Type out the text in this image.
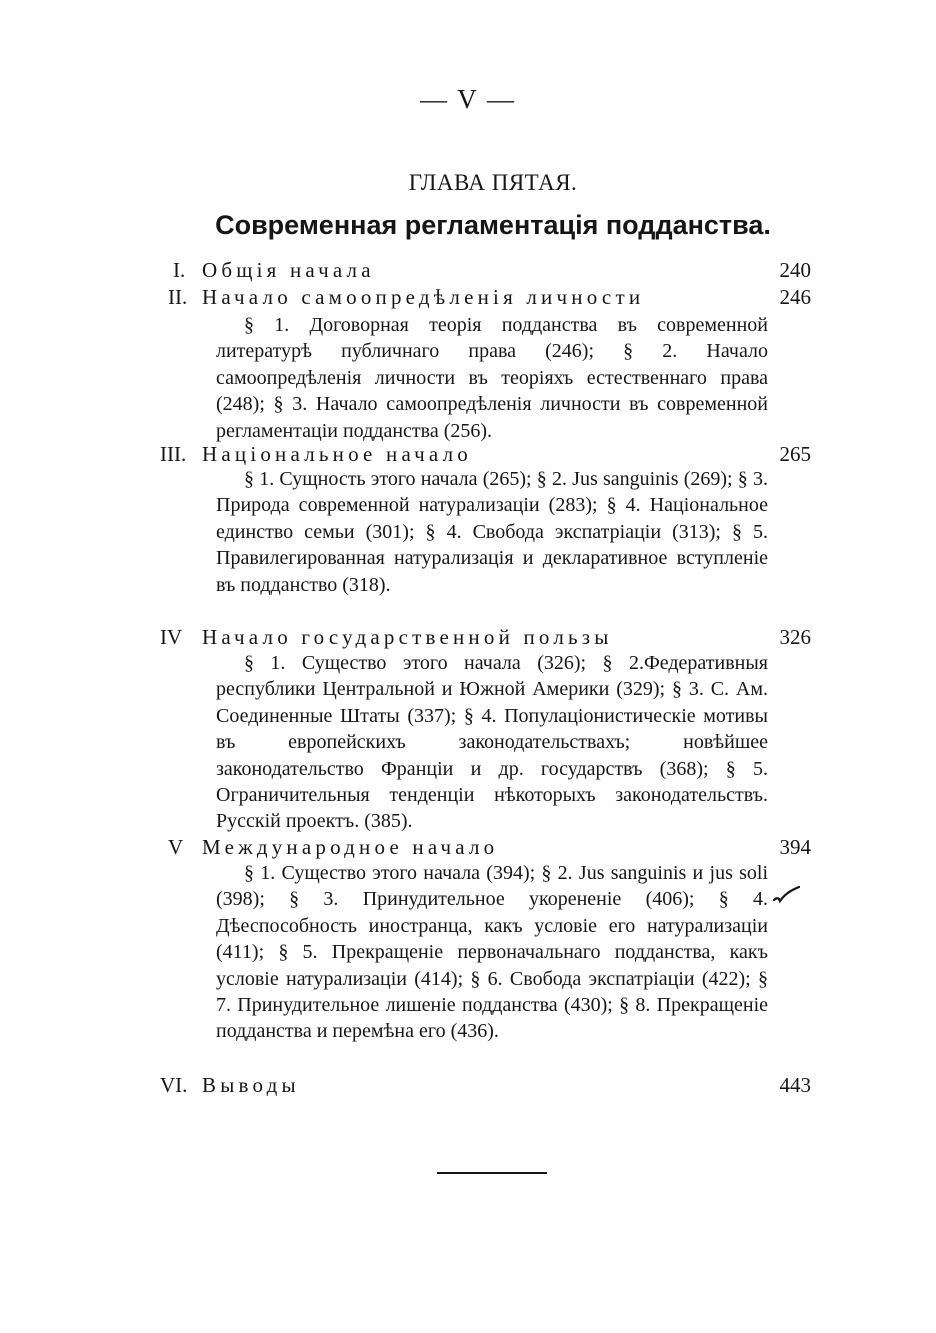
— V —
ГЛАВА ПЯТАЯ.
Современная регламентація подданства.
I. Общія начала	240
II. Начало самоопредѣленія личности	246
§ 1. Договорная теорія подданства въ современной литературѣ публичнаго права (246); § 2. Начало самоопредѣленія личности въ теоріяхъ естественнаго права (248); § 3. Начало самоопредѣленія личности въ современной регламентаціи подданства (256).
III. Національное начало	265
§ 1. Сущность этого начала (265); § 2. Jus sanguinis (269); § 3. Природа современной натурализаціи (283); § 4. Національное единство семьи (301); § 4. Свобода экспатріаціи (313); § 5. Правилегированная натурализація и декларативное вступленіе въ подданство (318).
IV Начало государственной пользы	326
§ 1. Существо этого начала (326); § 2.Федеративныя республики Центральной и Южной Америки (329); § 3. С. Ам. Соединенные Штаты (337); § 4. Популаціонистическіе мотивы въ европейскихъ законодательствахъ; новѣйшее законодательство Франціи и др. государствъ (368); § 5. Ограничительныя тенденціи нѣкоторыхъ законодательствъ. Русскій проектъ. (385).
V Международное начало	394
§ 1. Существо этого начала (394); § 2. Jus sanguinis и jus soli (398); § 3. Принудительное укорененіе (406); § 4. Дѣеспособность иностранца, какъ условіе его натурализаціи (411); § 5. Прекращеніе первоначальнаго подданства, какъ условіе натурализаціи (414); § 6. Свобода экспатріаціи (422); § 7. Принудительное лишеніе подданства (430); § 8. Прекращеніе подданства и перемѣна его (436).
VI. Выводы	443
